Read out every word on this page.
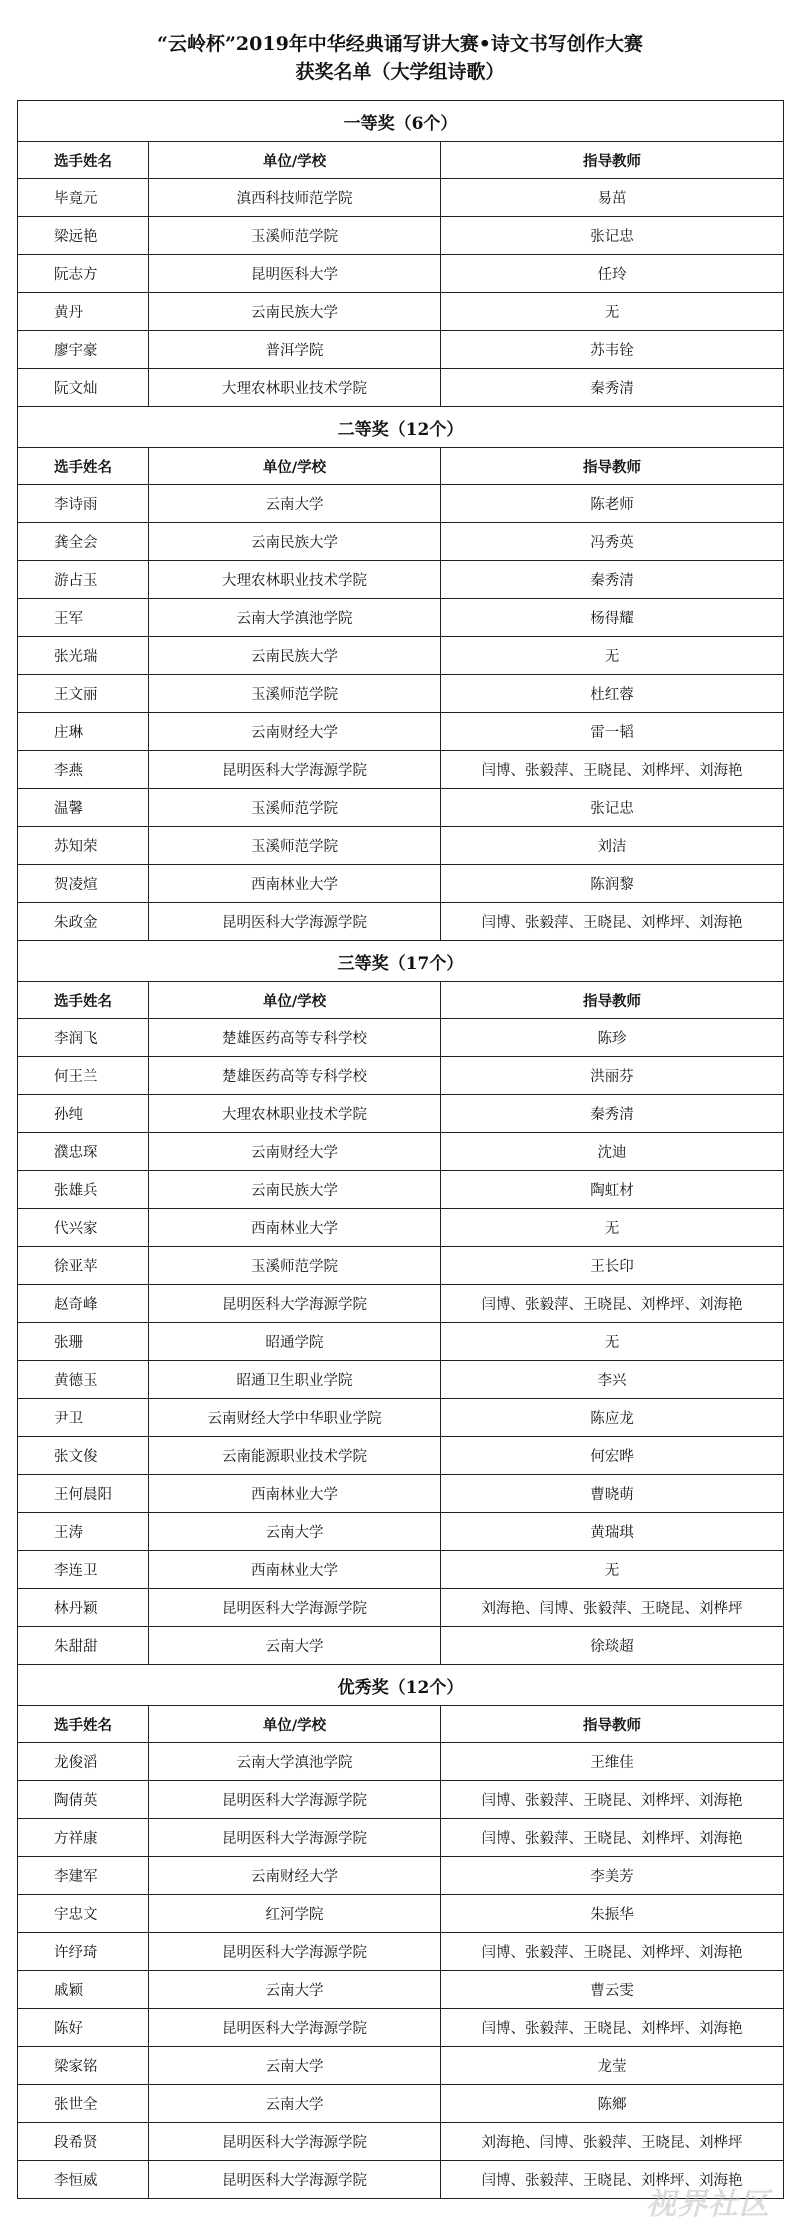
“云岭杯”2019年中华经典诵写讲大赛•诗文书写创作大赛
获奖名单（大学组诗歌）
一等奖（6个）		
选手姓名	单位/学校	指导教师
毕竟元	滇西科技师范学院	易茁
梁远艳	玉溪师范学院	张记忠
阮志方	昆明医科大学	任玲
黄丹	云南民族大学	无
廖宇豪	普洱学院	苏韦铨
阮文灿	大理农林职业技术学院	秦秀清
二等奖（12个）		
选手姓名	单位/学校	指导教师
李诗雨	云南大学	陈老师
龚全会	云南民族大学	冯秀英
游占玉	大理农林职业技术学院	秦秀清
王军	云南大学滇池学院	杨得耀
张光瑞	云南民族大学	无
王文丽	玉溪师范学院	杜红蓉
庄琳	云南财经大学	雷一韬
李燕	昆明医科大学海源学院	闫博、张毅萍、王晓昆、刘桦坪、刘海艳
温馨	玉溪师范学院	张记忠
苏知荣	玉溪师范学院	刘洁
贺凌煊	西南林业大学	陈润黎
朱政金	昆明医科大学海源学院	闫博、张毅萍、王晓昆、刘桦坪、刘海艳
三等奖（17个）		
选手姓名	单位/学校	指导教师
李润飞	楚雄医药高等专科学校	陈珍
何王兰	楚雄医药高等专科学校	洪丽芬
孙纯	大理农林职业技术学院	秦秀清
濮忠琛	云南财经大学	沈迪
张雄兵	云南民族大学	陶虹材
代兴家	西南林业大学	无
徐亚苹	玉溪师范学院	王长印
赵奇峰	昆明医科大学海源学院	闫博、张毅萍、王晓昆、刘桦坪、刘海艳
张珊	昭通学院	无
黄德玉	昭通卫生职业学院	李兴
尹卫	云南财经大学中华职业学院	陈应龙
张文俊	云南能源职业技术学院	何宏晔
王何晨阳	西南林业大学	曹晓萌
王涛	云南大学	黄瑞琪
李连卫	西南林业大学	无
林丹颖	昆明医科大学海源学院	刘海艳、闫博、张毅萍、王晓昆、刘桦坪
朱甜甜	云南大学	徐琰超
优秀奖（12个）		
选手姓名	单位/学校	指导教师
龙俊滔	云南大学滇池学院	王维佳
陶倩英	昆明医科大学海源学院	闫博、张毅萍、王晓昆、刘桦坪、刘海艳
方祥康	昆明医科大学海源学院	闫博、张毅萍、王晓昆、刘桦坪、刘海艳
李建军	云南财经大学	李美芳
宇忠文	红河学院	朱振华
许纾琦	昆明医科大学海源学院	闫博、张毅萍、王晓昆、刘桦坪、刘海艳
戚颖	云南大学	曹云雯
陈好	昆明医科大学海源学院	闫博、张毅萍、王晓昆、刘桦坪、刘海艳
梁家铭	云南大学	龙莹
张世全	云南大学	陈鄉
段希贤	昆明医科大学海源学院	刘海艳、闫博、张毅萍、王晓昆、刘桦坪
李恒威	昆明医科大学海源学院	闫博、张毅萍、王晓昆、刘桦坪、刘海艳
视界社区
